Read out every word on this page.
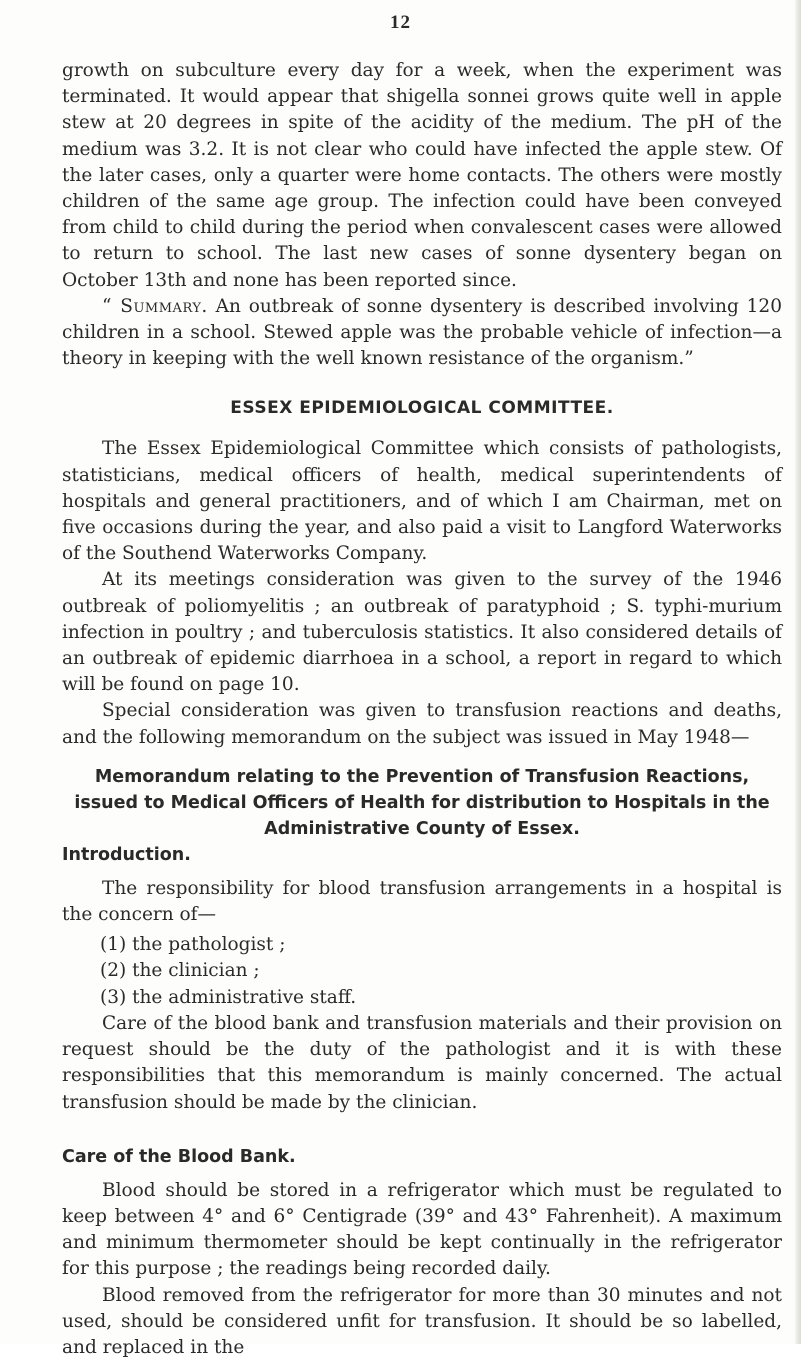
12

growth on subculture every day for a week, when the experiment was terminated. It would appear that shigella sonnei grows quite well in apple stew at 20 degrees in spite of the acidity of the medium. The pH of the medium was 3.2. It is not clear who could have infected the apple stew. Of the later cases, only a quarter were home contacts. The others were mostly children of the same age group. The infection could have been conveyed from child to child during the period when convalescent cases were allowed to return to school. The last new cases of sonne dysentery began on October 13th and none has been reported since.

“ Summary. An outbreak of sonne dysentery is described involving 120 children in a school. Stewed apple was the probable vehicle of infection—a theory in keeping with the well known resistance of the organism.”

ESSEX EPIDEMIOLOGICAL COMMITTEE.

The Essex Epidemiological Committee which consists of pathologists, statisticians, medical officers of health, medical superintendents of hospitals and general practitioners, and of which I am Chairman, met on five occasions during the year, and also paid a visit to Langford Waterworks of the Southend Waterworks Company.

At its meetings consideration was given to the survey of the 1946 outbreak of poliomyelitis ; an outbreak of paratyphoid ; S. typhi-murium infection in poultry ; and tuberculosis statistics. It also considered details of an outbreak of epidemic diarrhoea in a school, a report in regard to which will be found on page 10.

Special consideration was given to transfusion reactions and deaths, and the following memorandum on the subject was issued in May 1948—

Memorandum relating to the Prevention of Transfusion Reactions, issued to Medical Officers of Health for distribution to Hospitals in the Administrative County of Essex.
Introduction.

The responsibility for blood transfusion arrangements in a hospital is the concern of—

(1) the pathologist ;
(2) the clinician ;
(3) the administrative staff.

Care of the blood bank and transfusion materials and their provision on request should be the duty of the pathologist and it is with these responsibilities that this memorandum is mainly concerned. The actual transfusion should be made by the clinician.

Care of the Blood Bank.

Blood should be stored in a refrigerator which must be regulated to keep between 4° and 6° Centigrade (39° and 43° Fahrenheit). A maximum and minimum thermometer should be kept continually in the refrigerator for this purpose ; the readings being recorded daily.

Blood removed from the refrigerator for more than 30 minutes and not used, should be considered unfit for transfusion. It should be so labelled, and replaced in the
